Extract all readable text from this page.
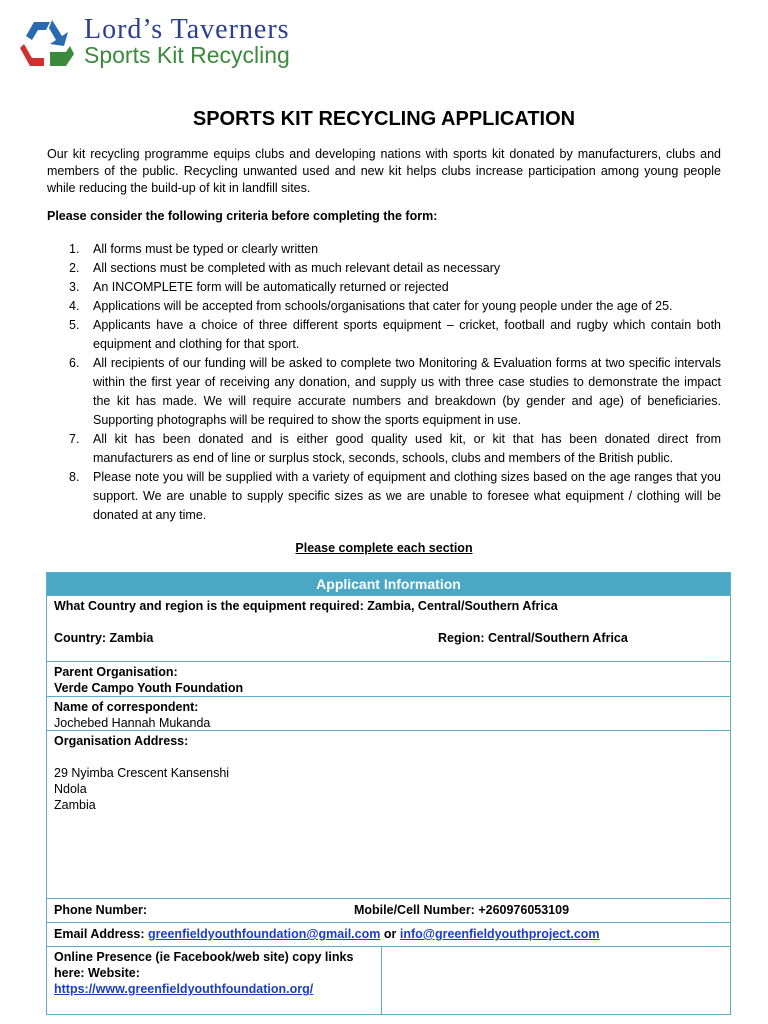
Lord’s Taverners
Sports Kit Recycling
SPORTS KIT RECYCLING APPLICATION

Our kit recycling programme equips clubs and developing nations with sports kit donated by manufacturers, clubs and members of the public. Recycling unwanted used and new kit helps clubs increase participation among young people while reducing the build-up of kit in landfill sites.

Please consider the following criteria before completing the form:
1.	All forms must be typed or clearly written
2.	All sections must be completed with as much relevant detail as necessary
3.	An INCOMPLETE form will be automatically returned or rejected
4.	Applications will be accepted from schools/organisations that cater for young people under the age of 25.
5.	Applicants have a choice of three different sports equipment – cricket, football and rugby which contain both equipment and clothing for that sport.
6.	All recipients of our funding will be asked to complete two Monitoring & Evaluation forms at two specific intervals within the first year of receiving any donation, and supply us with three case studies to demonstrate the impact the kit has made. We will require accurate numbers and breakdown (by gender and age) of beneficiaries. Supporting photographs will be required to show the sports equipment in use.
7.	All kit has been donated and is either good quality used kit, or kit that has been donated direct from manufacturers as end of line or surplus stock, seconds, schools, clubs and members of the British public.
8.	Please note you will be supplied with a variety of equipment and clothing sizes based on the age ranges that you support. We are unable to supply specific sizes as we are unable to foresee what equipment / clothing will be donated at any time.
Please complete each section
Applicant Information
What Country and region is the equipment required: Zambia, Central/Southern Africa
Country: Zambia	Region: Central/Southern Africa
Parent Organisation:
Verde Campo Youth Foundation
Name of correspondent:
Jochebed Hannah Mukanda
Organisation Address:
29 Nyimba Crescent Kansenshi
Ndola
Zambia
Phone Number:	Mobile/Cell Number: +260976053109
Email Address: greenfieldyouthfoundation@gmail.com or info@greenfieldyouthproject.com
Online Presence (ie Facebook/web site) copy links
here: Website:
https://www.greenfieldyouthfoundation.org/
